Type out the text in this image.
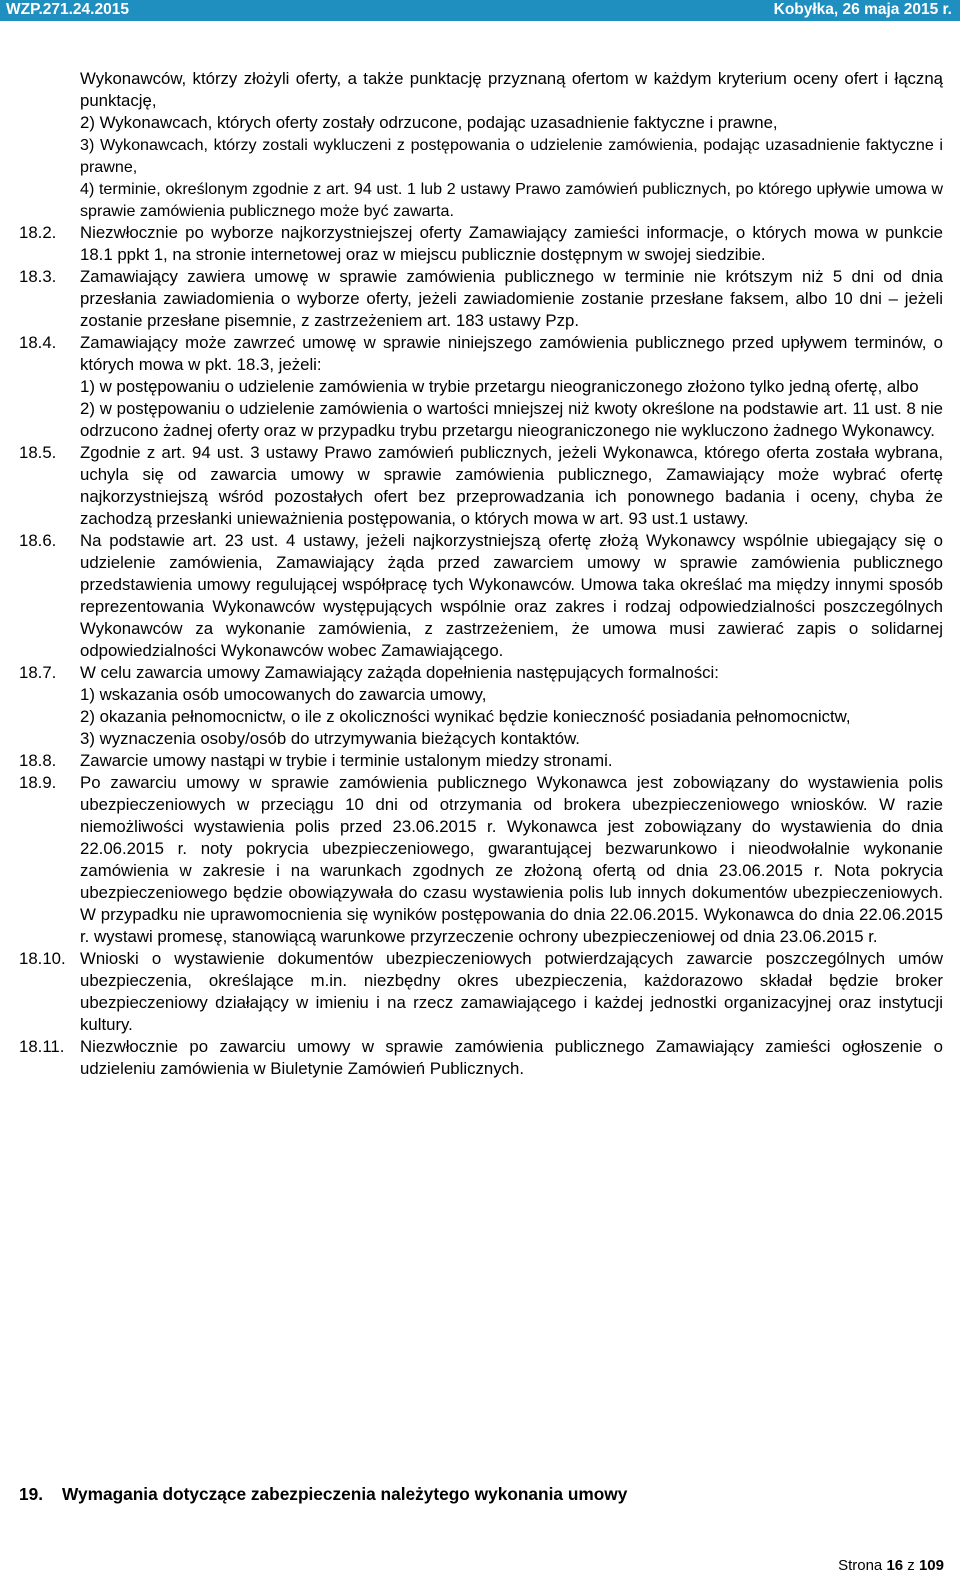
WZP.271.24.2015	Kobyłka, 26 maja 2015 r.
Wykonawców, którzy złożyli oferty, a także punktację przyznaną ofertom w każdym kryterium oceny ofert i łączną punktację,
2) Wykonawcach, których oferty zostały odrzucone, podając uzasadnienie faktyczne i prawne,
3) Wykonawcach, którzy zostali wykluczeni z postępowania o udzielenie zamówienia, podając uzasadnienie faktyczne i prawne,
4) terminie, określonym zgodnie z art. 94 ust. 1 lub 2 ustawy Prawo zamówień publicznych, po którego upływie umowa w sprawie zamówienia publicznego może być zawarta.
18.2.	Niezwłocznie po wyborze najkorzystniejszej oferty Zamawiający zamieści informacje, o których mowa w punkcie 18.1 ppkt 1, na stronie internetowej oraz w miejscu publicznie dostępnym w swojej siedzibie.
18.3.	Zamawiający zawiera umowę w sprawie zamówienia publicznego w terminie nie krótszym niż 5 dni od dnia przesłania zawiadomienia o wyborze oferty, jeżeli zawiadomienie zostanie przesłane faksem, albo 10 dni – jeżeli zostanie przesłane pisemnie, z zastrzeżeniem art. 183 ustawy Pzp.
18.4.	Zamawiający może zawrzeć umowę w sprawie niniejszego zamówienia publicznego przed upływem terminów, o których mowa w pkt. 18.3, jeżeli:
1) w postępowaniu o udzielenie zamówienia w trybie przetargu nieograniczonego złożono tylko jedną ofertę, albo
2) w postępowaniu o udzielenie zamówienia o wartości mniejszej niż kwoty określone na podstawie art. 11 ust. 8 nie odrzucono żadnej oferty oraz w przypadku trybu przetargu nieograniczonego nie wykluczono żadnego Wykonawcy.
18.5.	Zgodnie z art. 94 ust. 3 ustawy Prawo zamówień publicznych, jeżeli Wykonawca, którego oferta została wybrana, uchyla się od zawarcia umowy w sprawie zamówienia publicznego, Zamawiający może wybrać ofertę najkorzystniejszą wśród pozostałych ofert bez przeprowadzania ich ponownego badania i oceny, chyba że zachodzą przesłanki unieważnienia postępowania, o których mowa w art. 93 ust.1 ustawy.
18.6.	Na podstawie art. 23 ust. 4 ustawy, jeżeli najkorzystniejszą ofertę złożą Wykonawcy wspólnie ubiegający się o udzielenie zamówienia, Zamawiający żąda przed zawarciem umowy w sprawie zamówienia publicznego przedstawienia umowy regulującej współpracę tych Wykonawców. Umowa taka określać ma między innymi sposób reprezentowania Wykonawców występujących wspólnie oraz zakres i rodzaj odpowiedzialności poszczególnych Wykonawców za wykonanie zamówienia, z zastrzeżeniem, że umowa musi zawierać zapis o solidarnej odpowiedzialności Wykonawców wobec Zamawiającego.
18.7.	W celu zawarcia umowy Zamawiający zażąda dopełnienia następujących formalności:
1) wskazania osób umocowanych do zawarcia umowy,
2) okazania pełnomocnictw, o ile z okoliczności wynikać będzie konieczność posiadania pełnomocnictw,
3) wyznaczenia osoby/osób do utrzymywania bieżących kontaktów.
18.8.	Zawarcie umowy nastąpi w trybie i terminie ustalonym miedzy stronami.
18.9.	Po zawarciu umowy w sprawie zamówienia publicznego Wykonawca jest zobowiązany do wystawienia polis ubezpieczeniowych w przeciągu 10 dni od otrzymania od brokera ubezpieczeniowego wniosków. W razie niemożliwości wystawienia polis przed 23.06.2015 r. Wykonawca jest zobowiązany do wystawienia do dnia 22.06.2015 r. noty pokrycia ubezpieczeniowego, gwarantującej bezwarunkowo i nieodwołalnie wykonanie zamówienia w zakresie i na warunkach zgodnych ze złożoną ofertą od dnia 23.06.2015 r. Nota pokrycia ubezpieczeniowego będzie obowiązywała do czasu wystawienia polis lub innych dokumentów ubezpieczeniowych. W przypadku nie uprawomocnienia się wyników postępowania do dnia 22.06.2015. Wykonawca do dnia 22.06.2015 r. wystawi promesę, stanowiącą warunkowe przyrzeczenie ochrony ubezpieczeniowej od dnia 23.06.2015 r.
18.10. Wnioski o wystawienie dokumentów ubezpieczeniowych potwierdzających zawarcie poszczególnych umów ubezpieczenia, określające m.in. niezbędny okres ubezpieczenia, każdorazowo składał będzie broker ubezpieczeniowy działający w imieniu i na rzecz zamawiającego i każdej jednostki organizacyjnej oraz instytucji kultury.
18.11. Niezwłocznie po zawarciu umowy w sprawie zamówienia publicznego Zamawiający zamieści ogłoszenie o udzieleniu zamówienia w Biuletynie Zamówień Publicznych.
19. Wymagania dotyczące zabezpieczenia należytego wykonania umowy
Strona 16 z 109
